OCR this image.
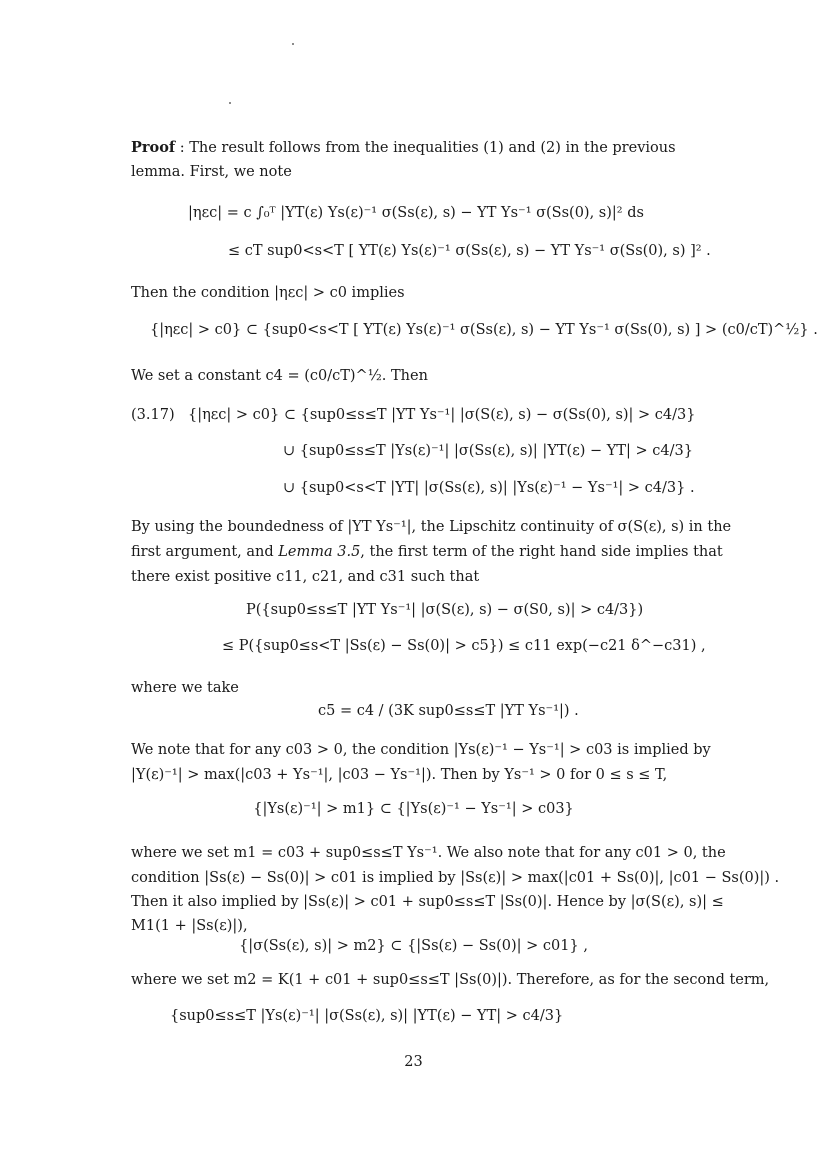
Proof : The result follows from the inequalities (1) and (2) in the previous
lemma. First, we note
|ηεc| = c ∫₀ᵀ |YT(ε) Ys(ε)⁻¹ σ(Ss(ε), s) − YT Ys⁻¹ σ(Ss(0), s)|² ds
≤ cT sup0<s<T [ YT(ε) Ys(ε)⁻¹ σ(Ss(ε), s) − YT Ys⁻¹ σ(Ss(0), s) ]² .
Then the condition |ηεc| > c0 implies
{|ηεc| > c0} ⊂ {sup0<s<T [ YT(ε) Ys(ε)⁻¹ σ(Ss(ε), s) − YT Ys⁻¹ σ(Ss(0), s) ] > (c0/cT)^½} .
We set a constant c4 = (c0/cT)^½. Then
(3.17) {|ηεc| > c0} ⊂ {sup0≤s≤T |YT Ys⁻¹| |σ(S(ε), s) − σ(Ss(0), s)| > c4/3}
∪ {sup0≤s≤T |Ys(ε)⁻¹| |σ(Ss(ε), s)| |YT(ε) − YT| > c4/3}
∪ {sup0<s<T |YT| |σ(Ss(ε), s)| |Ys(ε)⁻¹ − Ys⁻¹| > c4/3} .
By using the boundedness of |YT Ys⁻¹|, the Lipschitz continuity of σ(S(ε), s) in the
first argument, and Lemma 3.5, the first term of the right hand side implies that
there exist positive c11, c21, and c31 such that
P({sup0≤s≤T |YT Ys⁻¹| |σ(S(ε), s) − σ(S0, s)| > c4/3})
≤ P({sup0≤s<T |Ss(ε) − Ss(0)| > c5}) ≤ c11 exp(−c21 δ^−c31) ,
where we take
c5 = c4 / (3K sup0≤s≤T |YT Ys⁻¹|) .
We note that for any c03 > 0, the condition |Ys(ε)⁻¹ − Ys⁻¹| > c03 is implied by
|Y(ε)⁻¹| > max(|c03 + Ys⁻¹|, |c03 − Ys⁻¹|). Then by Ys⁻¹ > 0 for 0 ≤ s ≤ T,
{|Ys(ε)⁻¹| > m1} ⊂ {|Ys(ε)⁻¹ − Ys⁻¹| > c03}
where we set m1 = c03 + sup0≤s≤T Ys⁻¹. We also note that for any c01 > 0, the
condition |Ss(ε) − Ss(0)| > c01 is implied by |Ss(ε)| > max(|c01 + Ss(0)|, |c01 − Ss(0)|) .
Then it also implied by |Ss(ε)| > c01 + sup0≤s≤T |Ss(0)|. Hence by |σ(S(ε), s)| ≤
M1(1 + |Ss(ε)|),
{|σ(Ss(ε), s)| > m2} ⊂ {|Ss(ε) − Ss(0)| > c01} ,
where we set m2 = K(1 + c01 + sup0≤s≤T |Ss(0)|). Therefore, as for the second term,
{sup0≤s≤T |Ys(ε)⁻¹| |σ(Ss(ε), s)| |YT(ε) − YT| > c4/3}
23
